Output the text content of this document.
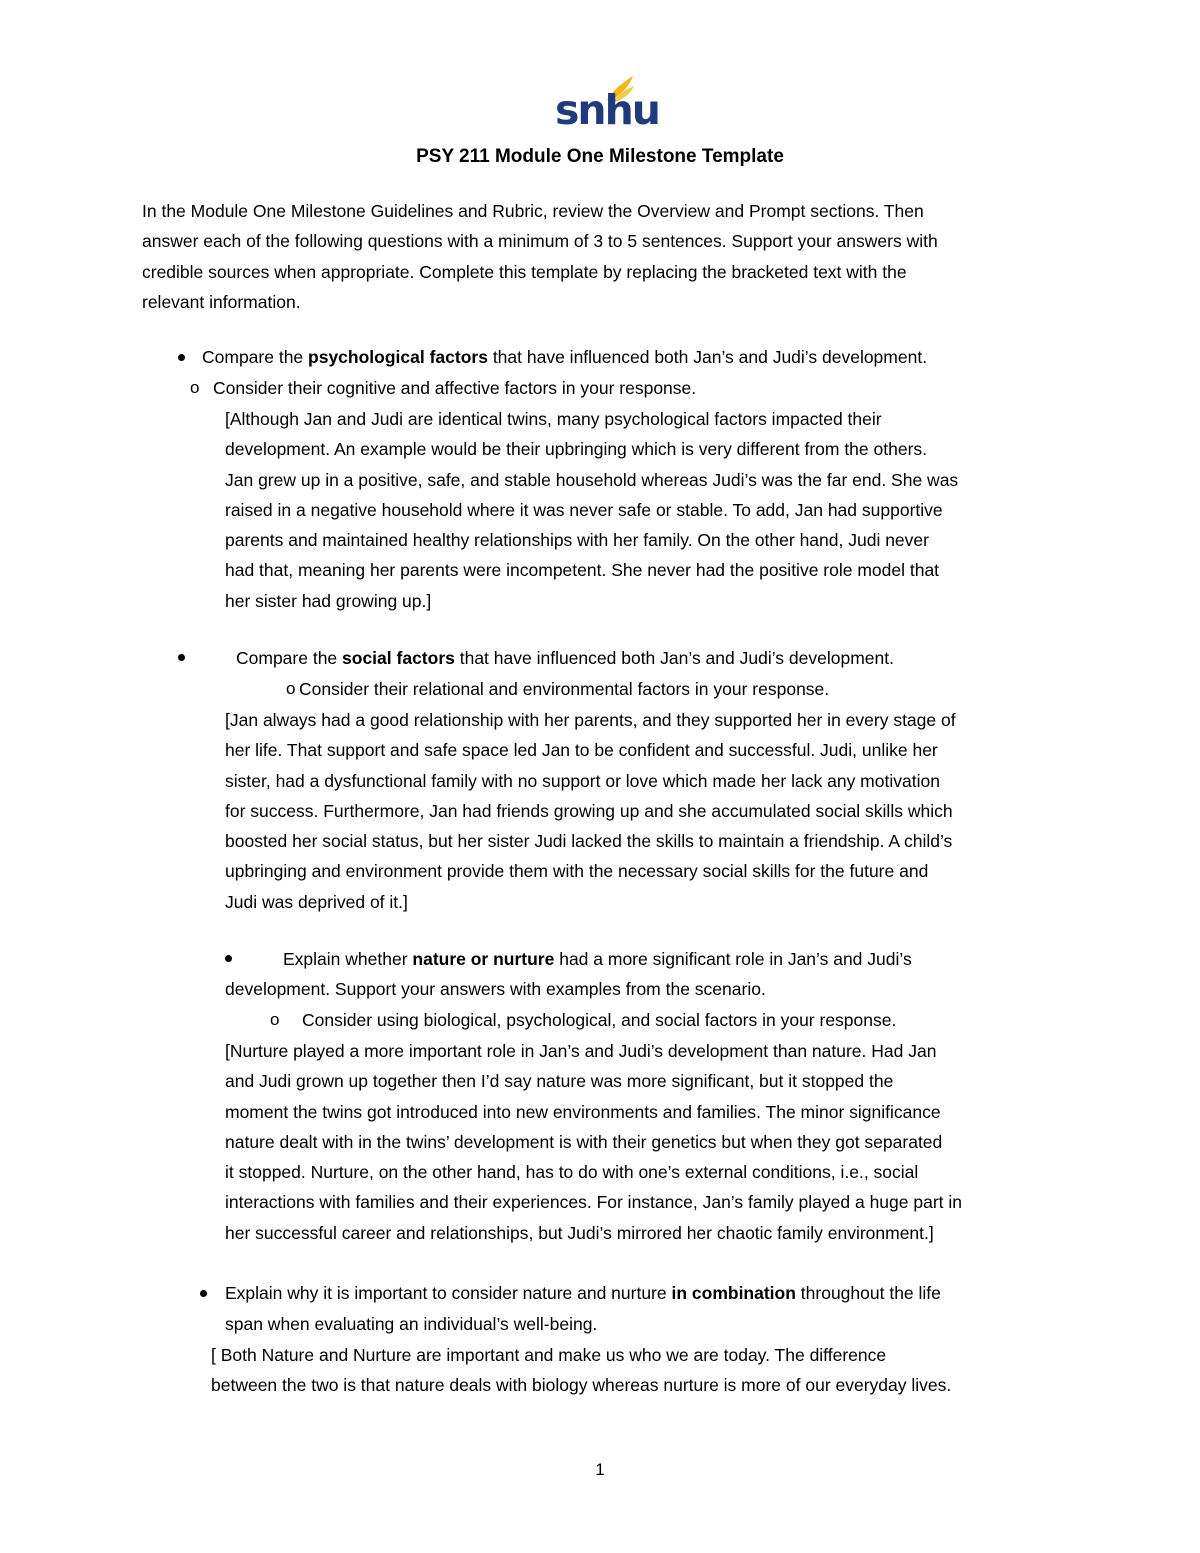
snhu
PSY 211 Module One Milestone Template
In the Module One Milestone Guidelines and Rubric, review the Overview and Prompt sections. Then
answer each of the following questions with a minimum of 3 to 5 sentences. Support your answers with
credible sources when appropriate. Complete this template by replacing the bracketed text with the
relevant information.
Compare the psychological factors that have influenced both Jan’s and Judi’s development.
o Consider their cognitive and affective factors in your response.
[Although Jan and Judi are identical twins, many psychological factors impacted their
development. An example would be their upbringing which is very different from the others.
Jan grew up in a positive, safe, and stable household whereas Judi’s was the far end. She was
raised in a negative household where it was never safe or stable. To add, Jan had supportive
parents and maintained healthy relationships with her family. On the other hand, Judi never
had that, meaning her parents were incompetent. She never had the positive role model that
her sister had growing up.]
Compare the social factors that have influenced both Jan’s and Judi’s development.
o Consider their relational and environmental factors in your response.
[Jan always had a good relationship with her parents, and they supported her in every stage of
her life. That support and safe space led Jan to be confident and successful. Judi, unlike her
sister, had a dysfunctional family with no support or love which made her lack any motivation
for success. Furthermore, Jan had friends growing up and she accumulated social skills which
boosted her social status, but her sister Judi lacked the skills to maintain a friendship. A child’s
upbringing and environment provide them with the necessary social skills for the future and
Judi was deprived of it.]
Explain whether nature or nurture had a more significant role in Jan’s and Judi’s
development. Support your answers with examples from the scenario.
o Consider using biological, psychological, and social factors in your response.
[Nurture played a more important role in Jan’s and Judi’s development than nature. Had Jan
and Judi grown up together then I’d say nature was more significant, but it stopped the
moment the twins got introduced into new environments and families. The minor significance
nature dealt with in the twins’ development is with their genetics but when they got separated
it stopped. Nurture, on the other hand, has to do with one’s external conditions, i.e., social
interactions with families and their experiences. For instance, Jan’s family played a huge part in
her successful career and relationships, but Judi’s mirrored her chaotic family environment.]
Explain why it is important to consider nature and nurture in combination throughout the life
span when evaluating an individual’s well-being.
[ Both Nature and Nurture are important and make us who we are today. The difference
between the two is that nature deals with biology whereas nurture is more of our everyday lives.
1
